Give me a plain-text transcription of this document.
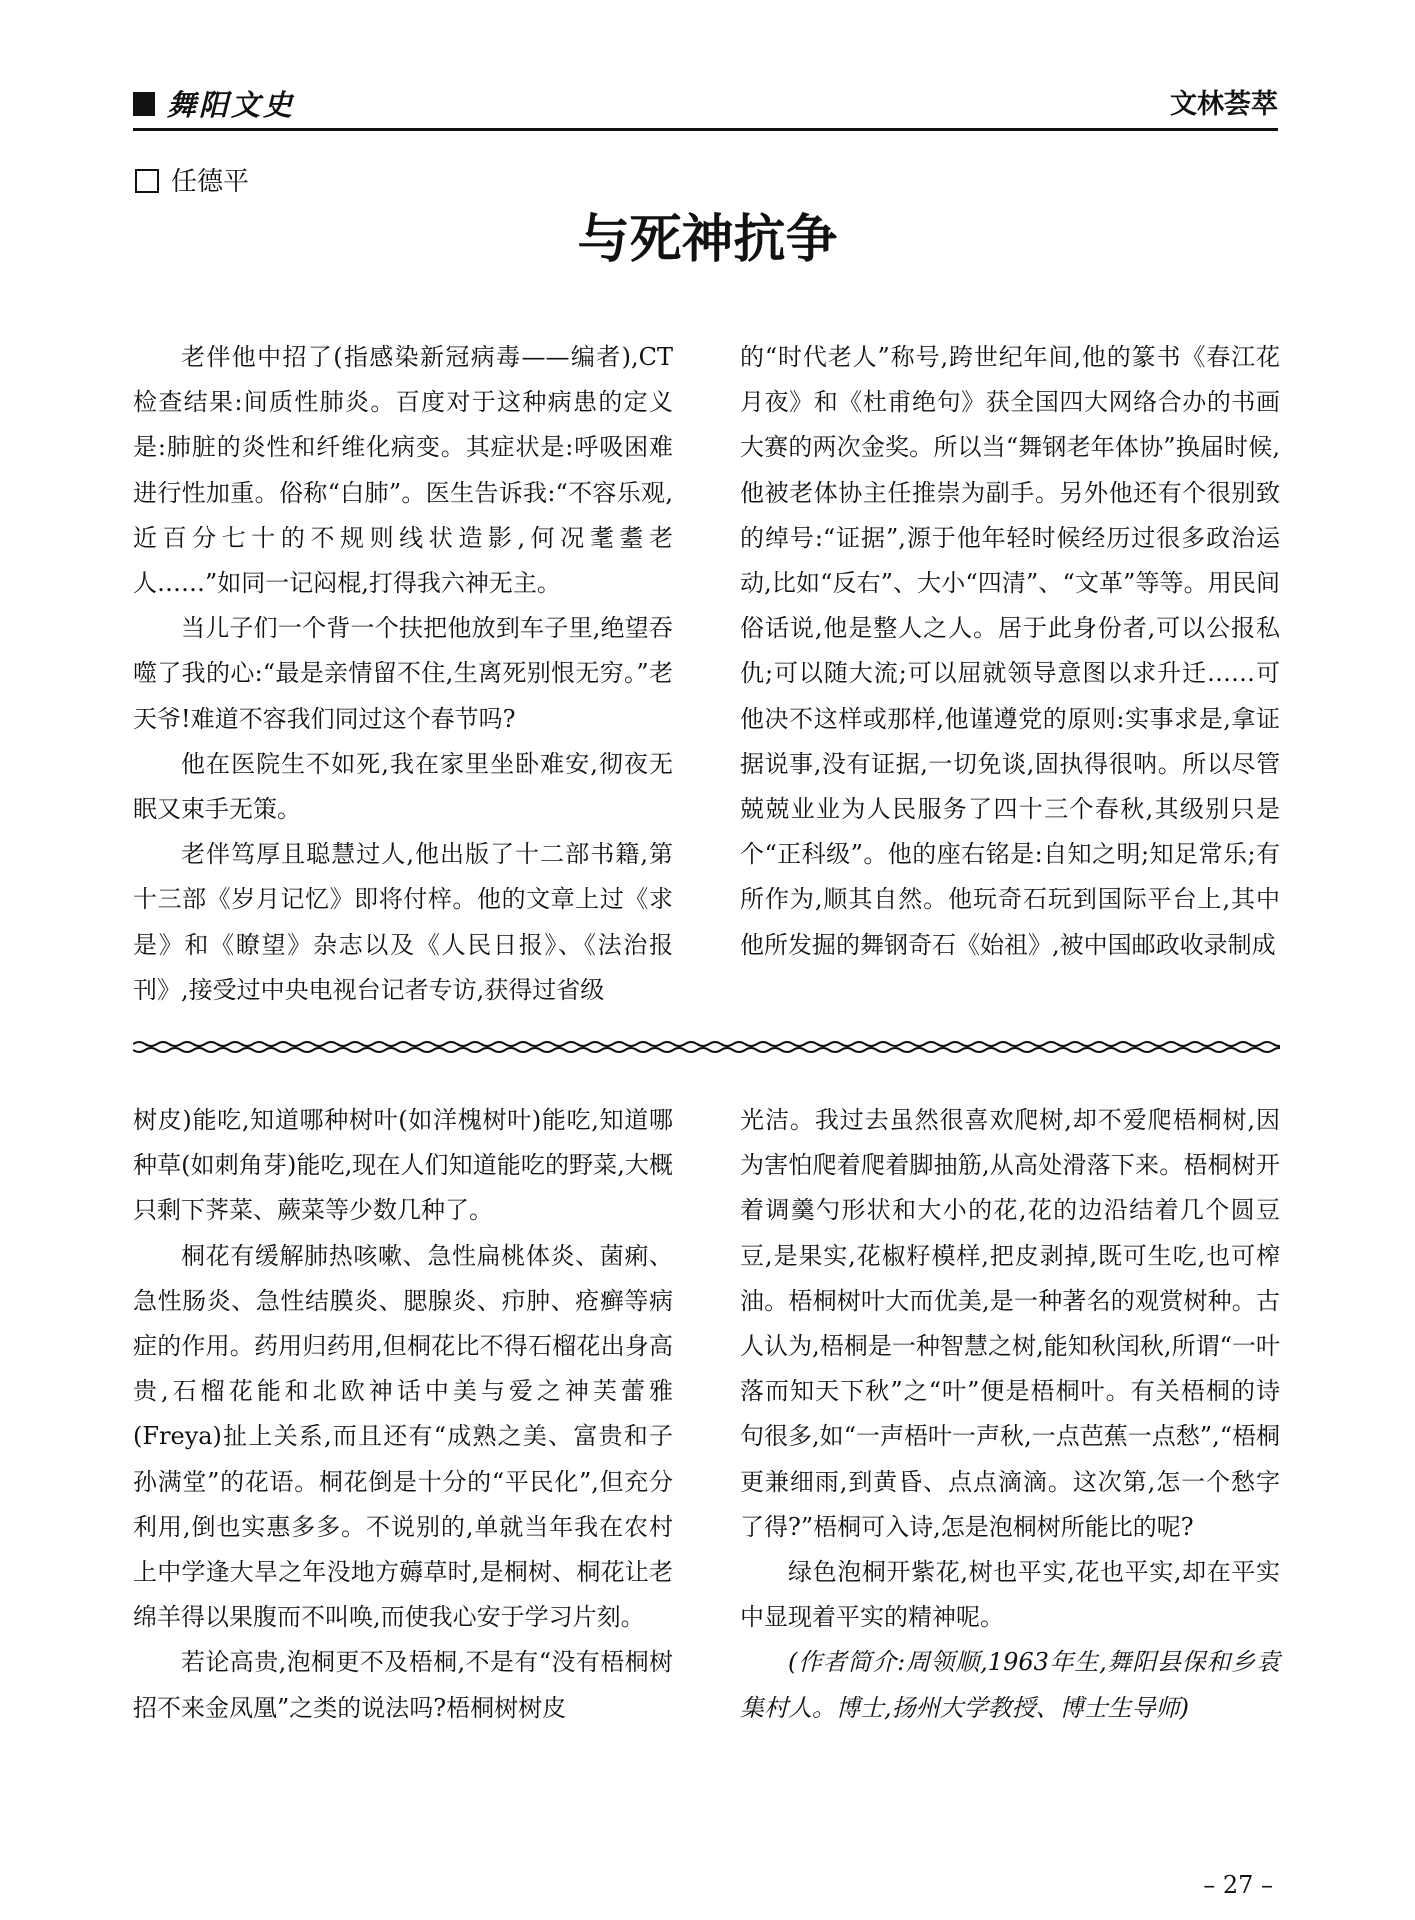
舞阳文史	文林荟萃
任德平
与死神抗争

老伴他中招了(指感染新冠病毒——编者),CT检查结果:间质性肺炎。百度对于这种病患的定义是:肺脏的炎性和纤维化病变。其症状是:呼吸困难进行性加重。俗称“白肺”。医生告诉我:“不容乐观,近百分七十的不规则线状造影,何况耄耋老人……”如同一记闷棍,打得我六神无主。

当儿子们一个背一个扶把他放到车子里,绝望吞噬了我的心:“最是亲情留不住,生离死别恨无穷。”老天爷!难道不容我们同过这个春节吗?

他在医院生不如死,我在家里坐卧难安,彻夜无眠又束手无策。

老伴笃厚且聪慧过人,他出版了十二部书籍,第十三部《岁月记忆》即将付梓。他的文章上过《求是》和《瞭望》杂志以及《人民日报》、《法治报刊》,接受过中央电视台记者专访,获得过省级

的“时代老人”称号,跨世纪年间,他的篆书《春江花月夜》和《杜甫绝句》获全国四大网络合办的书画大赛的两次金奖。所以当“舞钢老年体协”换届时候,他被老体协主任推崇为副手。另外他还有个很别致的绰号:“证据”,源于他年轻时候经历过很多政治运动,比如“反右”、大小“四清”、“文革”等等。用民间俗话说,他是整人之人。居于此身份者,可以公报私仇;可以随大流;可以屈就领导意图以求升迁……可他决不这样或那样,他谨遵党的原则:实事求是,拿证据说事,没有证据,一切免谈,固执得很呐。所以尽管兢兢业业为人民服务了四十三个春秋,其级别只是个“正科级”。他的座右铭是:自知之明;知足常乐;有所作为,顺其自然。他玩奇石玩到国际平台上,其中他所发掘的舞钢奇石《始祖》,被中国邮政收录制成

树皮)能吃,知道哪种树叶(如洋槐树叶)能吃,知道哪种草(如刺角芽)能吃,现在人们知道能吃的野菜,大概只剩下荠菜、蕨菜等少数几种了。

桐花有缓解肺热咳嗽、急性扁桃体炎、菌痢、急性肠炎、急性结膜炎、腮腺炎、疖肿、疮癣等病症的作用。药用归药用,但桐花比不得石榴花出身高贵,石榴花能和北欧神话中美与爱之神芙蕾雅(Freya)扯上关系,而且还有“成熟之美、富贵和子孙满堂”的花语。桐花倒是十分的“平民化”,但充分利用,倒也实惠多多。不说别的,单就当年我在农村上中学逢大旱之年没地方薅草时,是桐树、桐花让老绵羊得以果腹而不叫唤,而使我心安于学习片刻。

若论高贵,泡桐更不及梧桐,不是有“没有梧桐树招不来金凤凰”之类的说法吗?梧桐树树皮

光洁。我过去虽然很喜欢爬树,却不爱爬梧桐树,因为害怕爬着爬着脚抽筋,从高处滑落下来。梧桐树开着调羹勺形状和大小的花,花的边沿结着几个圆豆豆,是果实,花椒籽模样,把皮剥掉,既可生吃,也可榨油。梧桐树叶大而优美,是一种著名的观赏树种。古人认为,梧桐是一种智慧之树,能知秋闰秋,所谓“一叶落而知天下秋”之“叶”便是梧桐叶。有关梧桐的诗句很多,如“一声梧叶一声秋,一点芭蕉一点愁”,“梧桐更兼细雨,到黄昏、点点滴滴。这次第,怎一个愁字了得?”梧桐可入诗,怎是泡桐树所能比的呢?

绿色泡桐开紫花,树也平实,花也平实,却在平实中显现着平实的精神呢。

(作者简介:周领顺,1963年生,舞阳县保和乡袁集村人。博士,扬州大学教授、博士生导师)

– 27 –
